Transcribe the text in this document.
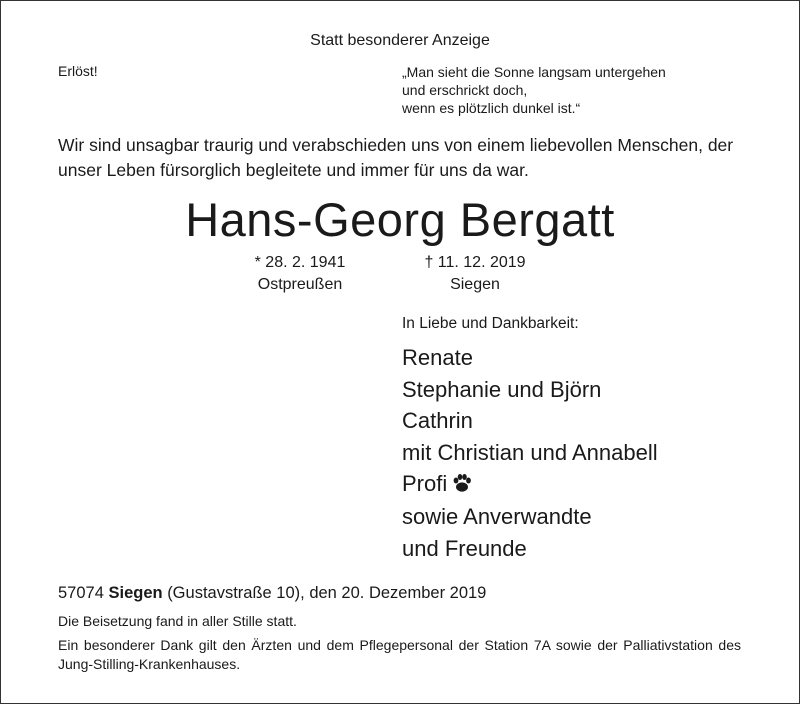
Statt besonderer Anzeige
Erlöst!	„Man sieht die Sonne langsam untergehen
und erschrickt doch,
wenn es plötzlich dunkel ist.“
Wir sind unsagbar traurig und verabschieden uns von einem liebevollen Menschen, der unser Leben fürsorglich begleitete und immer für uns da war.
Hans-Georg Bergatt
* 28. 2. 1941
Ostpreußen
† 11. 12. 2019
Siegen
In Liebe und Dankbarkeit:
Renate
Stephanie und Björn
Cathrin
mit Christian und Annabell
Profi
sowie Anverwandte
und Freunde
57074 Siegen (Gustavstraße 10), den 20. Dezember 2019
Die Beisetzung fand in aller Stille statt.
Ein besonderer Dank gilt den Ärzten und dem Pflegepersonal der Station 7A sowie der Palliativstation des Jung-Stilling-Krankenhauses.
